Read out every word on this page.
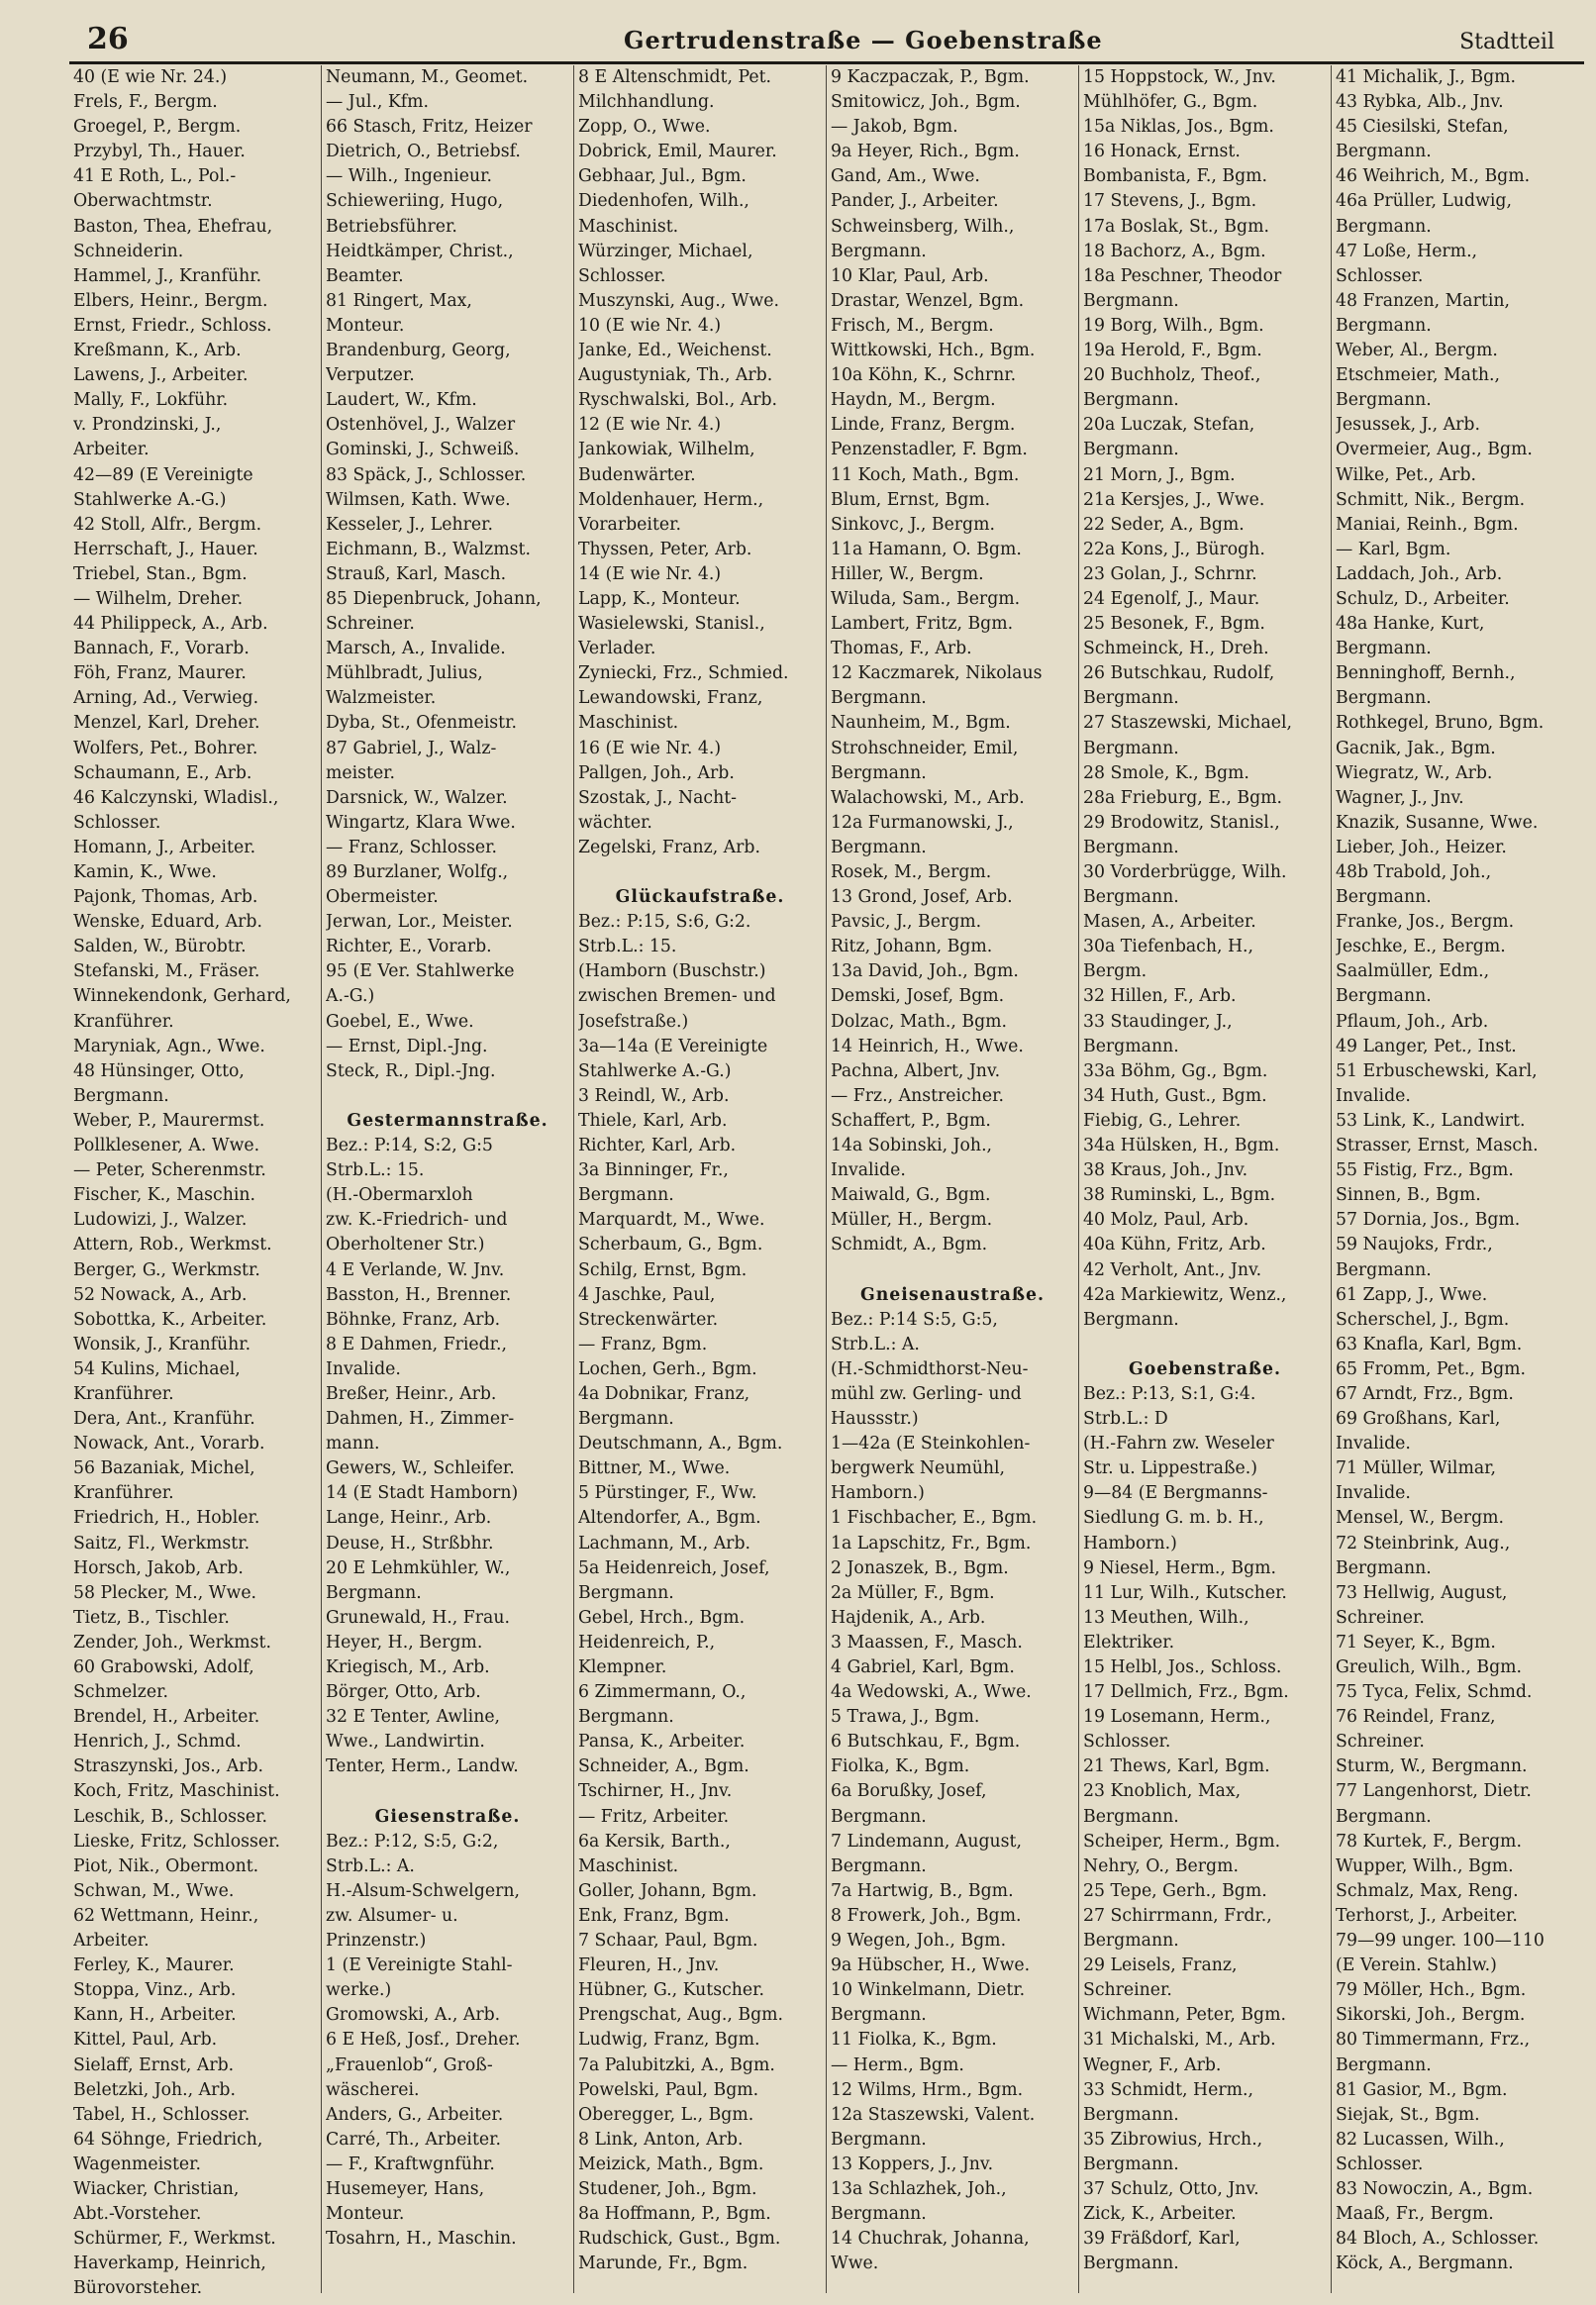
26	Gertrudenstraße — Goebenstraße	Stadtteil
40 (E wie Nr. 24.)
Frels, F., Bergm.
Groegel, P., Bergm.
Przybyl, Th., Hauer.
41 E Roth, L., Pol.-
Oberwachtmstr.
Baston, Thea, Ehefrau,
Schneiderin.
Hammel, J., Kranführ.
Elbers, Heinr., Bergm.
Ernst, Friedr., Schloss.
Kreßmann, K., Arb.
Lawens, J., Arbeiter.
Mally, F., Lokführ.
v. Prondzinski, J.,
Arbeiter.
42—89 (E Vereinigte
Stahlwerke A.-G.)
42 Stoll, Alfr., Bergm.
Herrschaft, J., Hauer.
Triebel, Stan., Bgm.
— Wilhelm, Dreher.
44 Philippeck, A., Arb.
Bannach, F., Vorarb.
Föh, Franz, Maurer.
Arning, Ad., Verwieg.
Menzel, Karl, Dreher.
Wolfers, Pet., Bohrer.
Schaumann, E., Arb.
46 Kalczynski, Wladisl.,
Schlosser.
Homann, J., Arbeiter.
Kamin, K., Wwe.
Pajonk, Thomas, Arb.
Wenske, Eduard, Arb.
Salden, W., Bürobtr.
Stefanski, M., Fräser.
Winnekendonk, Gerhard,
Kranführer.
Maryniak, Agn., Wwe.
48 Hünsinger, Otto,
Bergmann.
Weber, P., Maurermst.
Pollklesener, A. Wwe.
— Peter, Scherenmstr.
Fischer, K., Maschin.
Ludowizi, J., Walzer.
Attern, Rob., Werkmst.
Berger, G., Werkmstr.
52 Nowack, A., Arb.
Sobottka, K., Arbeiter.
Wonsik, J., Kranführ.
54 Kulins, Michael,
Kranführer.
Dera, Ant., Kranführ.
Nowack, Ant., Vorarb.
56 Bazaniak, Michel,
Kranführer.
Friedrich, H., Hobler.
Saitz, Fl., Werkmstr.
Horsch, Jakob, Arb.
58 Plecker, M., Wwe.
Tietz, B., Tischler.
Zender, Joh., Werkmst.
60 Grabowski, Adolf,
Schmelzer.
Brendel, H., Arbeiter.
Henrich, J., Schmd.
Straszynski, Jos., Arb.
Koch, Fritz, Maschinist.
Leschik, B., Schlosser.
Lieske, Fritz, Schlosser.
Piot, Nik., Obermont.
Schwan, M., Wwe.
62 Wettmann, Heinr.,
Arbeiter.
Ferley, K., Maurer.
Stoppa, Vinz., Arb.
Kann, H., Arbeiter.
Kittel, Paul, Arb.
Sielaff, Ernst, Arb.
Beletzki, Joh., Arb.
Tabel, H., Schlosser.
64 Söhnge, Friedrich,
Wagenmeister.
Wiacker, Christian,
Abt.-Vorsteher.
Schürmer, F., Werkmst.
Haverkamp, Heinrich,
Bürovorsteher.
Neumann, M., Geomet.
— Jul., Kfm.
66 Stasch, Fritz, Heizer
Dietrich, O., Betriebsf.
— Wilh., Ingenieur.
Schieweriing, Hugo,
Betriebsführer.
Heidtkämper, Christ.,
Beamter.
81 Ringert, Max,
Monteur.
Brandenburg, Georg,
Verputzer.
Laudert, W., Kfm.
Ostenhövel, J., Walzer
Gominski, J., Schweiß.
83 Späck, J., Schlosser.
Wilmsen, Kath. Wwe.
Kesseler, J., Lehrer.
Eichmann, B., Walzmst.
Strauß, Karl, Masch.
85 Diepenbruck, Johann,
Schreiner.
Marsch, A., Invalide.
Mühlbradt, Julius,
Walzmeister.
Dyba, St., Ofenmeistr.
87 Gabriel, J., Walz-
meister.
Darsnick, W., Walzer.
Wingartz, Klara Wwe.
— Franz, Schlosser.
89 Burzlaner, Wolfg.,
Obermeister.
Jerwan, Lor., Meister.
Richter, E., Vorarb.
95 (E Ver. Stahlwerke
A.-G.)
Goebel, E., Wwe.
— Ernst, Dipl.-Jng.
Steck, R., Dipl.-Jng.
Gestermannstraße.
Bez.: P:14, S:2, G:5
Strb.L.: 15.
(H.-Obermarxloh
zw. K.-Friedrich- und
Oberholtener Str.)
4 E Verlande, W. Jnv.
Basston, H., Brenner.
Böhnke, Franz, Arb.
8 E Dahmen, Friedr.,
Invalide.
Breßer, Heinr., Arb.
Dahmen, H., Zimmer-
mann.
Gewers, W., Schleifer.
14 (E Stadt Hamborn)
Lange, Heinr., Arb.
Deuse, H., Strßbhr.
20 E Lehmkühler, W.,
Bergmann.
Grunewald, H., Frau.
Heyer, H., Bergm.
Kriegisch, M., Arb.
Börger, Otto, Arb.
32 E Tenter, Awline,
Wwe., Landwirtin.
Tenter, Herm., Landw.
Giesenstraße.
Bez.: P:12, S:5, G:2,
Strb.L.: A.
H.-Alsum-Schwelgern,
zw. Alsumer- u.
Prinzenstr.)
1 (E Vereinigte Stahl-
werke.)
Gromowski, A., Arb.
6 E Heß, Josf., Dreher.
„Frauenlob“, Groß-
wäscherei.
Anders, G., Arbeiter.
Carré, Th., Arbeiter.
— F., Kraftwgnführ.
Husemeyer, Hans,
Monteur.
Tosahrn, H., Maschin.
8 E Altenschmidt, Pet.
Milchhandlung.
Zopp, O., Wwe.
Dobrick, Emil, Maurer.
Gebhaar, Jul., Bgm.
Diedenhofen, Wilh.,
Maschinist.
Würzinger, Michael,
Schlosser.
Muszynski, Aug., Wwe.
10 (E wie Nr. 4.)
Janke, Ed., Weichenst.
Augustyniak, Th., Arb.
Ryschwalski, Bol., Arb.
12 (E wie Nr. 4.)
Jankowiak, Wilhelm,
Budenwärter.
Moldenhauer, Herm.,
Vorarbeiter.
Thyssen, Peter, Arb.
14 (E wie Nr. 4.)
Lapp, K., Monteur.
Wasielewski, Stanisl.,
Verlader.
Zyniecki, Frz., Schmied.
Lewandowski, Franz,
Maschinist.
16 (E wie Nr. 4.)
Pallgen, Joh., Arb.
Szostak, J., Nacht-
wächter.
Zegelski, Franz, Arb.
Glückaufstraße.
Bez.: P:15, S:6, G:2.
Strb.L.: 15.
(Hamborn (Buschstr.)
zwischen Bremen- und
Josefstraße.)
3a—14a (E Vereinigte
Stahlwerke A.-G.)
3 Reindl, W., Arb.
Thiele, Karl, Arb.
Richter, Karl, Arb.
3a Binninger, Fr.,
Bergmann.
Marquardt, M., Wwe.
Scherbaum, G., Bgm.
Schilg, Ernst, Bgm.
4 Jaschke, Paul,
Streckenwärter.
— Franz, Bgm.
Lochen, Gerh., Bgm.
4a Dobnikar, Franz,
Bergmann.
Deutschmann, A., Bgm.
Bittner, M., Wwe.
5 Pürstinger, F., Ww.
Altendorfer, A., Bgm.
Lachmann, M., Arb.
5a Heidenreich, Josef,
Bergmann.
Gebel, Hrch., Bgm.
Heidenreich, P.,
Klempner.
6 Zimmermann, O.,
Bergmann.
Pansa, K., Arbeiter.
Schneider, A., Bgm.
Tschirner, H., Jnv.
— Fritz, Arbeiter.
6a Kersik, Barth.,
Maschinist.
Goller, Johann, Bgm.
Enk, Franz, Bgm.
7 Schaar, Paul, Bgm.
Fleuren, H., Jnv.
Hübner, G., Kutscher.
Prengschat, Aug., Bgm.
Ludwig, Franz, Bgm.
7a Palubitzki, A., Bgm.
Powelski, Paul, Bgm.
Oberegger, L., Bgm.
8 Link, Anton, Arb.
Meizick, Math., Bgm.
Studener, Joh., Bgm.
8a Hoffmann, P., Bgm.
Rudschick, Gust., Bgm.
Marunde, Fr., Bgm.
9 Kaczpaczak, P., Bgm.
Smitowicz, Joh., Bgm.
— Jakob, Bgm.
9a Heyer, Rich., Bgm.
Gand, Am., Wwe.
Pander, J., Arbeiter.
Schweinsberg, Wilh.,
Bergmann.
10 Klar, Paul, Arb.
Drastar, Wenzel, Bgm.
Frisch, M., Bergm.
Wittkowski, Hch., Bgm.
10a Köhn, K., Schrnr.
Haydn, M., Bergm.
Linde, Franz, Bergm.
Penzenstadler, F. Bgm.
11 Koch, Math., Bgm.
Blum, Ernst, Bgm.
Sinkovc, J., Bergm.
11a Hamann, O. Bgm.
Hiller, W., Bergm.
Wiluda, Sam., Bergm.
Lambert, Fritz, Bgm.
Thomas, F., Arb.
12 Kaczmarek, Nikolaus
Bergmann.
Naunheim, M., Bgm.
Strohschneider, Emil,
Bergmann.
Walachowski, M., Arb.
12a Furmanowski, J.,
Bergmann.
Rosek, M., Bergm.
13 Grond, Josef, Arb.
Pavsic, J., Bergm.
Ritz, Johann, Bgm.
13a David, Joh., Bgm.
Demski, Josef, Bgm.
Dolzac, Math., Bgm.
14 Heinrich, H., Wwe.
Pachna, Albert, Jnv.
— Frz., Anstreicher.
Schaffert, P., Bgm.
14a Sobinski, Joh.,
Invalide.
Maiwald, G., Bgm.
Müller, H., Bergm.
Schmidt, A., Bgm.
Gneisenaustraße.
Bez.: P:14 S:5, G:5,
Strb.L.: A.
(H.-Schmidthorst-Neu-
mühl zw. Gerling- und
Haussstr.)
1—42a (E Steinkohlen-
bergwerk Neumühl,
Hamborn.)
1 Fischbacher, E., Bgm.
1a Lapschitz, Fr., Bgm.
2 Jonaszek, B., Bgm.
2a Müller, F., Bgm.
Hajdenik, A., Arb.
3 Maassen, F., Masch.
4 Gabriel, Karl, Bgm.
4a Wedowski, A., Wwe.
5 Trawa, J., Bgm.
6 Butschkau, F., Bgm.
Fiolka, K., Bgm.
6a Borußky, Josef,
Bergmann.
7 Lindemann, August,
Bergmann.
7a Hartwig, B., Bgm.
8 Frowerk, Joh., Bgm.
9 Wegen, Joh., Bgm.
9a Hübscher, H., Wwe.
10 Winkelmann, Dietr.
Bergmann.
11 Fiolka, K., Bgm.
— Herm., Bgm.
12 Wilms, Hrm., Bgm.
12a Staszewski, Valent.
Bergmann.
13 Koppers, J., Jnv.
13a Schlazhek, Joh.,
Bergmann.
14 Chuchrak, Johanna,
Wwe.
15 Hoppstock, W., Jnv.
Mühlhöfer, G., Bgm.
15a Niklas, Jos., Bgm.
16 Honack, Ernst.
Bombanista, F., Bgm.
17 Stevens, J., Bgm.
17a Boslak, St., Bgm.
18 Bachorz, A., Bgm.
18a Peschner, Theodor
Bergmann.
19 Borg, Wilh., Bgm.
19a Herold, F., Bgm.
20 Buchholz, Theof.,
Bergmann.
20a Luczak, Stefan,
Bergmann.
21 Morn, J., Bgm.
21a Kersjes, J., Wwe.
22 Seder, A., Bgm.
22a Kons, J., Bürogh.
23 Golan, J., Schrnr.
24 Egenolf, J., Maur.
25 Besonek, F., Bgm.
Schmeinck, H., Dreh.
26 Butschkau, Rudolf,
Bergmann.
27 Staszewski, Michael,
Bergmann.
28 Smole, K., Bgm.
28a Frieburg, E., Bgm.
29 Brodowitz, Stanisl.,
Bergmann.
30 Vorderbrügge, Wilh.
Bergmann.
Masen, A., Arbeiter.
30a Tiefenbach, H.,
Bergm.
32 Hillen, F., Arb.
33 Staudinger, J.,
Bergmann.
33a Böhm, Gg., Bgm.
34 Huth, Gust., Bgm.
Fiebig, G., Lehrer.
34a Hülsken, H., Bgm.
38 Kraus, Joh., Jnv.
38 Ruminski, L., Bgm.
40 Molz, Paul, Arb.
40a Kühn, Fritz, Arb.
42 Verholt, Ant., Jnv.
42a Markiewitz, Wenz.,
Bergmann.
Goebenstraße.
Bez.: P:13, S:1, G:4.
Strb.L.: D
(H.-Fahrn zw. Weseler
Str. u. Lippestraße.)
9—84 (E Bergmanns-
Siedlung G. m. b. H.,
Hamborn.)
9 Niesel, Herm., Bgm.
11 Lur, Wilh., Kutscher.
13 Meuthen, Wilh.,
Elektriker.
15 Helbl, Jos., Schloss.
17 Dellmich, Frz., Bgm.
19 Losemann, Herm.,
Schlosser.
21 Thews, Karl, Bgm.
23 Knoblich, Max,
Bergmann.
Scheiper, Herm., Bgm.
Nehry, O., Bergm.
25 Tepe, Gerh., Bgm.
27 Schirrmann, Frdr.,
Bergmann.
29 Leisels, Franz,
Schreiner.
Wichmann, Peter, Bgm.
31 Michalski, M., Arb.
Wegner, F., Arb.
33 Schmidt, Herm.,
Bergmann.
35 Zibrowius, Hrch.,
Bergmann.
37 Schulz, Otto, Jnv.
Zick, K., Arbeiter.
39 Fräßdorf, Karl,
Bergmann.
41 Michalik, J., Bgm.
43 Rybka, Alb., Jnv.
45 Ciesilski, Stefan,
Bergmann.
46 Weihrich, M., Bgm.
46a Prüller, Ludwig,
Bergmann.
47 Loße, Herm.,
Schlosser.
48 Franzen, Martin,
Bergmann.
Weber, Al., Bergm.
Etschmeier, Math.,
Bergmann.
Jesussek, J., Arb.
Overmeier, Aug., Bgm.
Wilke, Pet., Arb.
Schmitt, Nik., Bergm.
Maniai, Reinh., Bgm.
— Karl, Bgm.
Laddach, Joh., Arb.
Schulz, D., Arbeiter.
48a Hanke, Kurt,
Bergmann.
Benninghoff, Bernh.,
Bergmann.
Rothkegel, Bruno, Bgm.
Gacnik, Jak., Bgm.
Wiegratz, W., Arb.
Wagner, J., Jnv.
Knazik, Susanne, Wwe.
Lieber, Joh., Heizer.
48b Trabold, Joh.,
Bergmann.
Franke, Jos., Bergm.
Jeschke, E., Bergm.
Saalmüller, Edm.,
Bergmann.
Pflaum, Joh., Arb.
49 Langer, Pet., Inst.
51 Erbuschewski, Karl,
Invalide.
53 Link, K., Landwirt.
Strasser, Ernst, Masch.
55 Fistig, Frz., Bgm.
Sinnen, B., Bgm.
57 Dornia, Jos., Bgm.
59 Naujoks, Frdr.,
Bergmann.
61 Zapp, J., Wwe.
Scherschel, J., Bgm.
63 Knafla, Karl, Bgm.
65 Fromm, Pet., Bgm.
67 Arndt, Frz., Bgm.
69 Großhans, Karl,
Invalide.
71 Müller, Wilmar,
Invalide.
Mensel, W., Bergm.
72 Steinbrink, Aug.,
Bergmann.
73 Hellwig, August,
Schreiner.
71 Seyer, K., Bgm.
Greulich, Wilh., Bgm.
75 Tyca, Felix, Schmd.
76 Reindel, Franz,
Schreiner.
Sturm, W., Bergmann.
77 Langenhorst, Dietr.
Bergmann.
78 Kurtek, F., Bergm.
Wupper, Wilh., Bgm.
Schmalz, Max, Reng.
Terhorst, J., Arbeiter.
79—99 unger. 100—110
(E Verein. Stahlw.)
79 Möller, Hch., Bgm.
Sikorski, Joh., Bergm.
80 Timmermann, Frz.,
Bergmann.
81 Gasior, M., Bgm.
Siejak, St., Bgm.
82 Lucassen, Wilh.,
Schlosser.
83 Nowoczin, A., Bgm.
Maaß, Fr., Bergm.
84 Bloch, A., Schlosser.
Köck, A., Bergmann.
